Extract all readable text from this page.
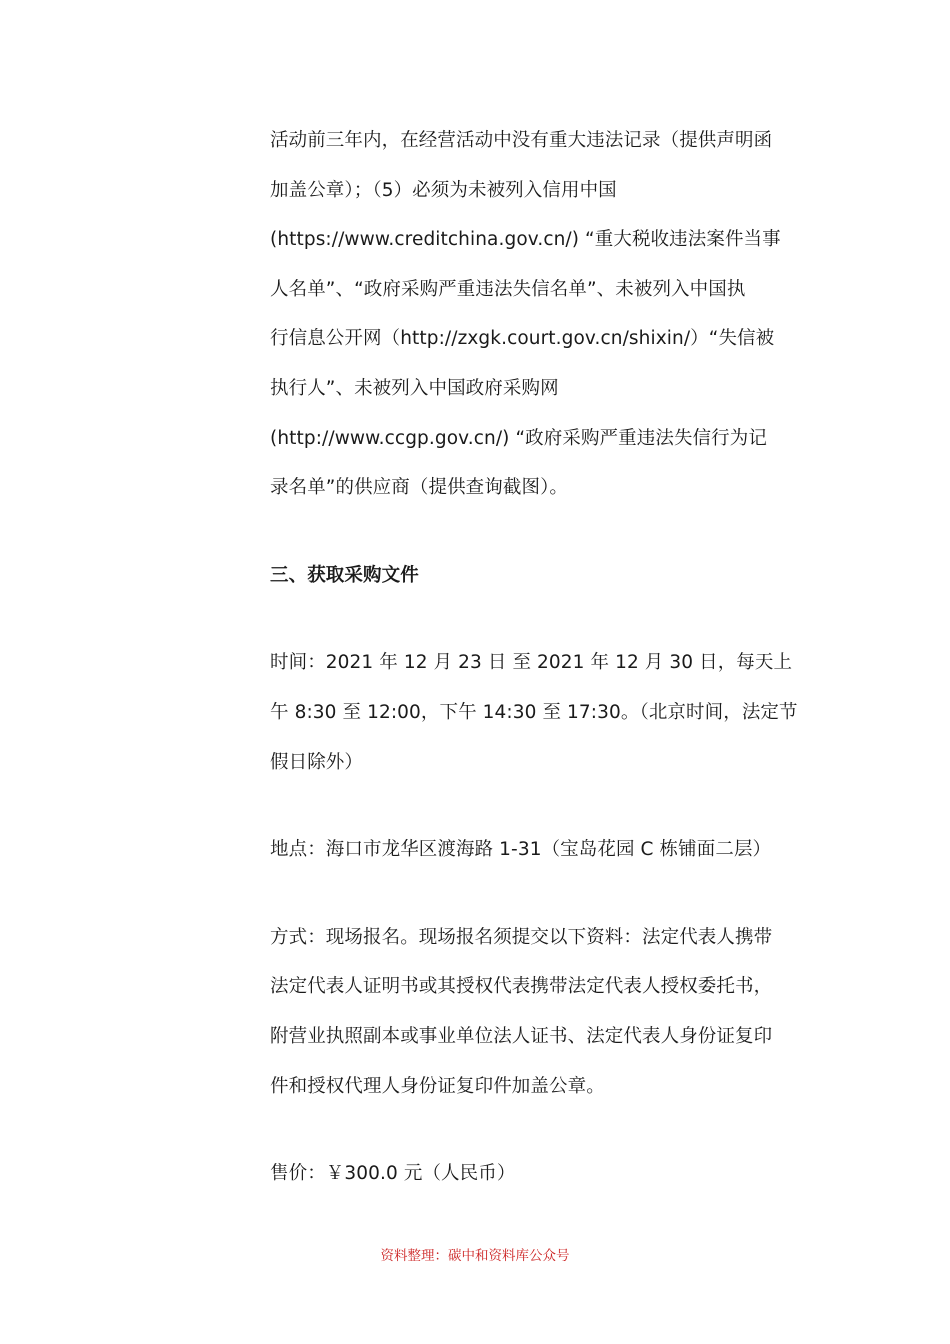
活动前三年内，在经营活动中没有重大违法记录（提供声明函
加盖公章）；（5）必须为未被列入信用中国
(https://www.creditchina.gov.cn/) “重大税收违法案件当事
人名单”、“政府采购严重违法失信名单”、未被列入中国执
行信息公开网（http://zxgk.court.gov.cn/shixin/）“失信被
执行人”、未被列入中国政府采购网
(http://www.ccgp.gov.cn/) “政府采购严重违法失信行为记
录名单”的供应商（提供查询截图）。
三、获取采购文件
时间：2021 年 12 月 23 日 至 2021 年 12 月 30 日，每天上
午 8:30 至 12:00，下午 14:30 至 17:30。（北京时间，法定节
假日除外）
地点：海口市龙华区渡海路 1-31（宝岛花园 C 栋铺面二层）
方式：现场报名。现场报名须提交以下资料：法定代表人携带
法定代表人证明书或其授权代表携带法定代表人授权委托书，
附营业执照副本或事业单位法人证书、法定代表人身份证复印
件和授权代理人身份证复印件加盖公章。
售价：￥300.0 元（人民币）
资料整理：碳中和资料库公众号
